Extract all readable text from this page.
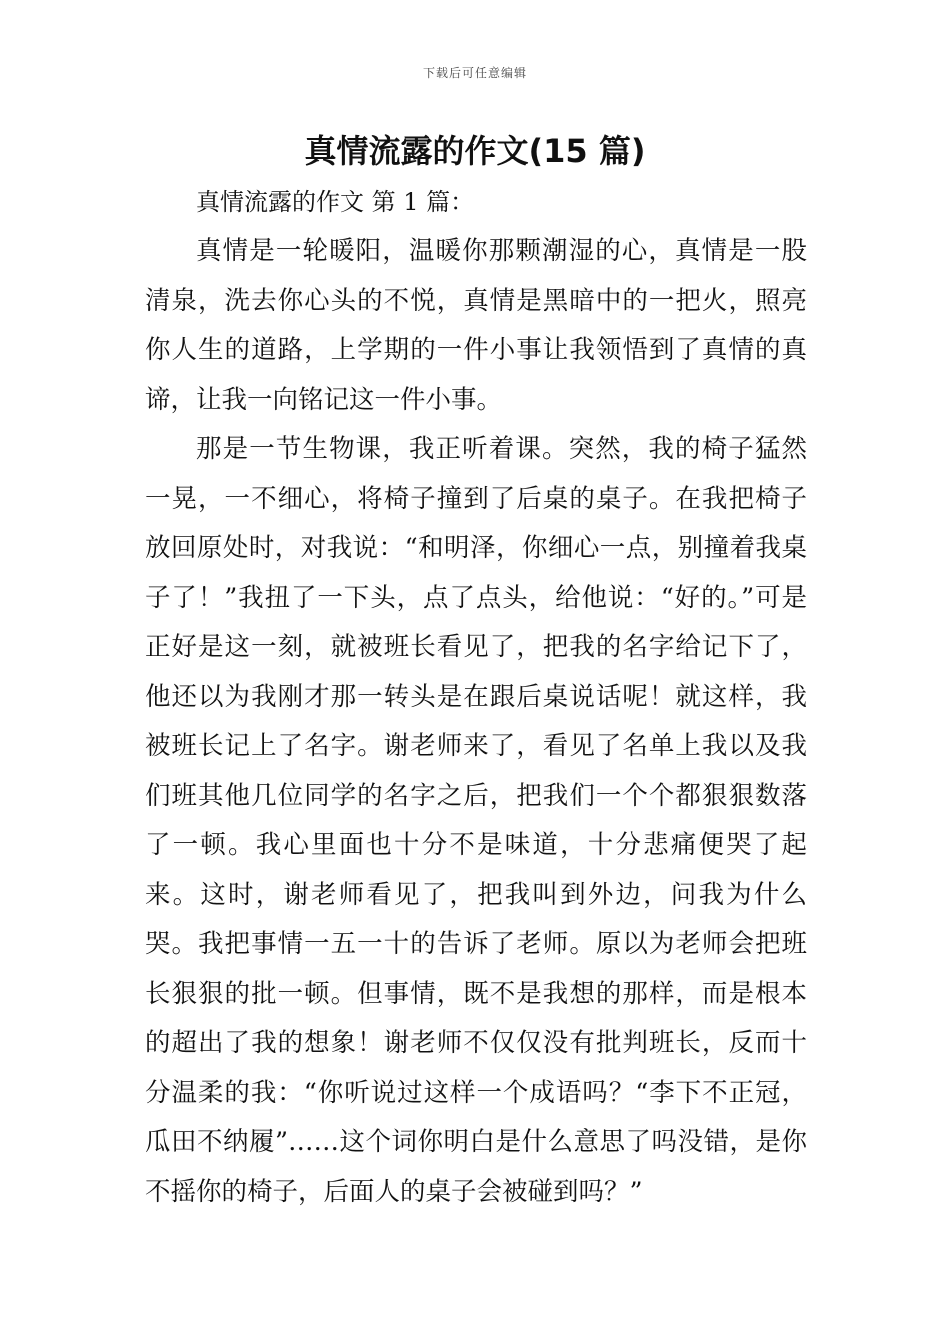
下载后可任意编辑
真情流露的作文(15 篇)
真情流露的作文 第 1 篇：

真情是一轮暖阳，温暖你那颗潮湿的心，真情是一股清泉，洗去你心头的不悦，真情是黑暗中的一把火，照亮你人生的道路，上学期的一件小事让我领悟到了真情的真谛，让我一向铭记这一件小事。

那是一节生物课，我正听着课。突然，我的椅子猛然一晃，一不细心，将椅子撞到了后桌的桌子。在我把椅子放回原处时，对我说：“和明泽，你细心一点，别撞着我桌子了！”我扭了一下头，点了点头，给他说：“好的。”可是正好是这一刻，就被班长看见了，把我的名字给记下了，他还以为我刚才那一转头是在跟后桌说话呢！就这样，我被班长记上了名字。谢老师来了，看见了名单上我以及我们班其他几位同学的名字之后，把我们一个个都狠狠数落了一顿。我心里面也十分不是味道，十分悲痛便哭了起来。这时，谢老师看见了，把我叫到外边，问我为什么哭。我把事情一五一十的告诉了老师。原以为老师会把班长狠狠的批一顿。但事情，既不是我想的那样，而是根本的超出了我的想象！谢老师不仅仅没有批判班长，反而十分温柔的我：“你听说过这样一个成语吗？“李下不正冠，瓜田不纳履”……这个词你明白是什么意思了吗没错，是你不摇你的椅子，后面人的桌子会被碰到吗？”
